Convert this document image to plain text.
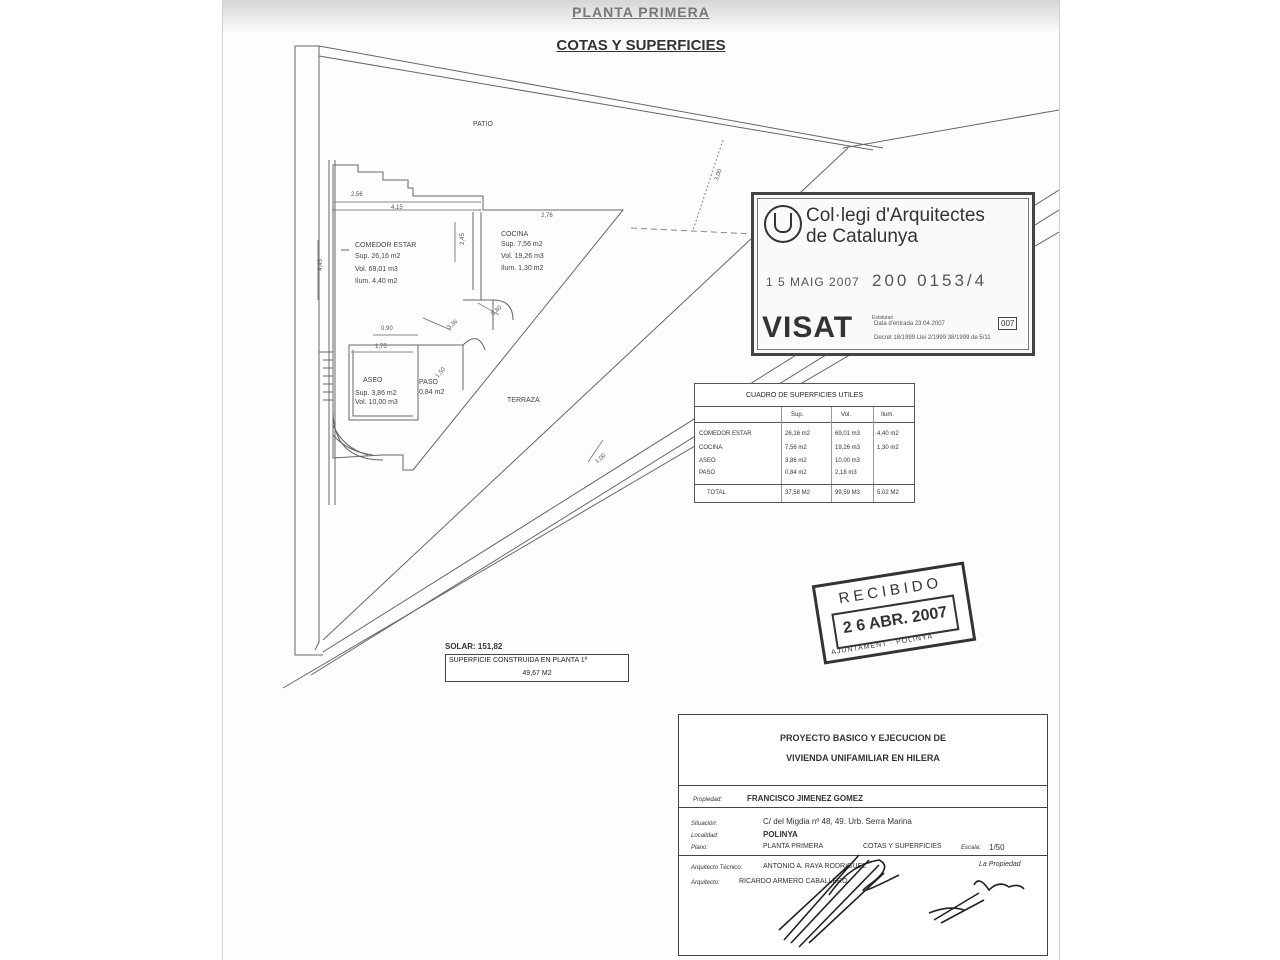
PLANTA PRIMERA
COTAS Y SUPERFICIES
PATIO
TERRAZA
COMEDOR ESTAR
Sup. 26,16 m2
Vol. 69,01 m3
Ilum. 4,40 m2
COCINA
Sup. 7,56 m2
Vol. 19,26 m3
Ilum. 1,30 m2
ASEO
Sup. 3,86 m2
Vol. 10,00 m3
PASO
0,84 m2
2,56
4,15
2,76
2,45
4,45
0,90
1,75
3,36
0,80
1,50
1,00
3,00
Col·legi d'Arquitectes
de Catalunya
1 5 MAIG 2007 200 0153/4
VISAT	Estatutari
Data d'entrada 23.04.2007	007
Decret 18/1999 Llei 2/1999 38/1999 de 5/11
CUADRO DE SUPERFICIES UTILES
Sup.	Vol.	Ilum.
COMEDOR ESTAR	26,16 m2	69,01 m3	4,40 m2
COCINA	7,56 m2	19,26 m3	1,30 m2
ASEO	3,86 m2	10,00 m3
PASO	0,84 m2	2,18 m3
TOTAL	37,58 M2	99,59 M3	5,02 M2
RECIBIDO
2 6 ABR. 2007
AJUNTAMENT · POLINYÀ
SOLAR: 151,82
SUPERFICIE CONSTRUIDA EN PLANTA 1ª
49,67 M2
PROYECTO BASICO Y EJECUCION DE
VIVIENDA UNIFAMILIAR EN HILERA
Propiedad:	FRANCISCO JIMENEZ GOMEZ
Situación:	C/ del Migdia nº 48, 49. Urb. Serra Marina
Localidad:	POLINYA
Plano:	PLANTA PRIMERA	COTAS Y SUPERFICIES	Escala: 1/50
Arquitecto Técnico:	ANTONIO A. RAYA RODRIGUEZ
Arquitecto:	RICARDO ARMERO CABALLERO
La Propiedad
